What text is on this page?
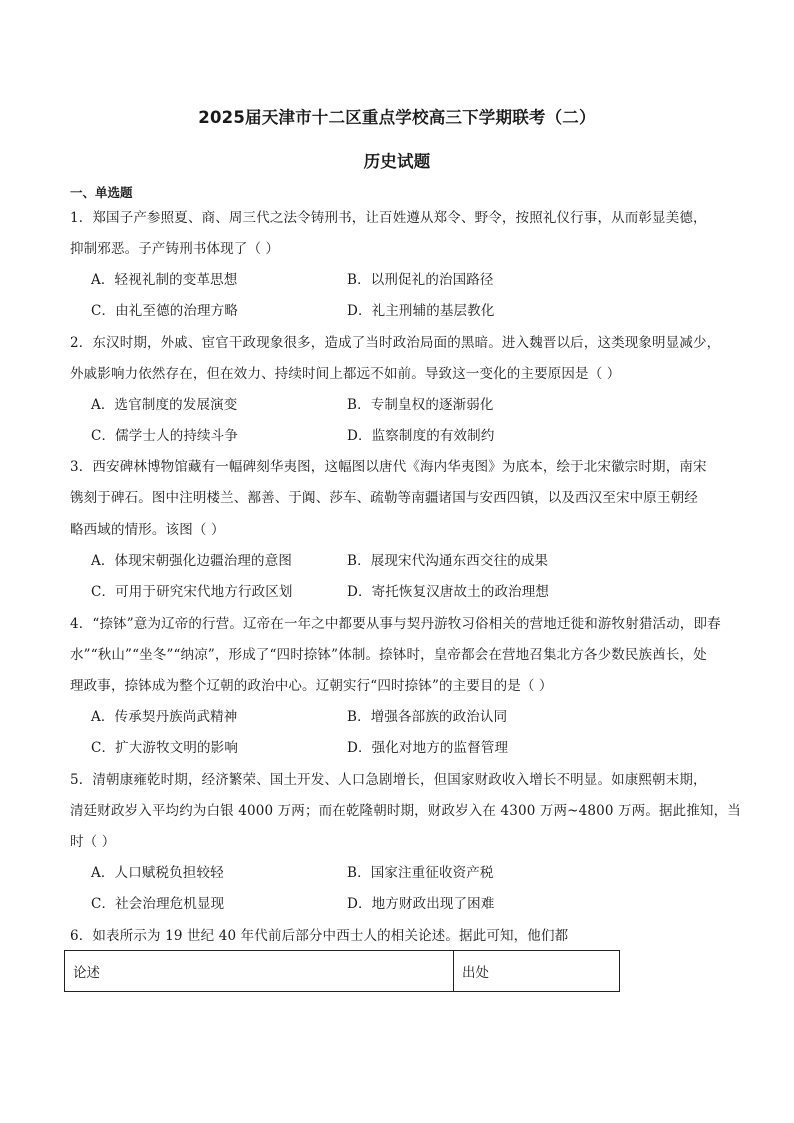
2025届天津市十二区重点学校高三下学期联考（二）
历史试题
一、单选题
1．郑国子产参照夏、商、周三代之法令铸刑书，让百姓遵从郑令、野令，按照礼仪行事，从而彰显美德，
抑制邪恶。子产铸刑书体现了（ ）
A．轻视礼制的变革思想	B．以刑促礼的治国路径
C．由礼至德的治理方略	D．礼主刑辅的基层教化
2．东汉时期，外戚、宦官干政现象很多，造成了当时政治局面的黑暗。进入魏晋以后，这类现象明显减少，
外戚影响力依然存在，但在效力、持续时间上都远不如前。导致这一变化的主要原因是（ ）
A．选官制度的发展演变	B．专制皇权的逐渐弱化
C．儒学士人的持续斗争	D．监察制度的有效制约
3．西安碑林博物馆藏有一幅碑刻华夷图，这幅图以唐代《海内华夷图》为底本，绘于北宋徽宗时期，南宋
镌刻于碑石。图中注明楼兰、鄯善、于阗、莎车、疏勒等南疆诸国与安西四镇，以及西汉至宋中原王朝经
略西域的情形。该图（ ）
A．体现宋朝强化边疆治理的意图	B．展现宋代沟通东西交往的成果
C．可用于研究宋代地方行政区划	D．寄托恢复汉唐故土的政治理想
4．“捺钵”意为辽帝的行营。辽帝在一年之中都要从事与契丹游牧习俗相关的营地迁徙和游牧射猎活动，即春
水”“秋山”“坐冬”“纳凉”，形成了“四时捺钵”体制。捺钵时，皇帝都会在营地召集北方各少数民族酋长，处
理政事，捺钵成为整个辽朝的政治中心。辽朝实行“四时捺钵”的主要目的是（ ）
A．传承契丹族尚武精神	B．增强各部族的政治认同
C．扩大游牧文明的影响	D．强化对地方的监督管理
5．清朝康雍乾时期，经济繁荣、国土开发、人口急剧增长，但国家财政收入增长不明显。如康熙朝末期，
清廷财政岁入平均约为白银 4000 万两；而在乾隆朝时期，财政岁入在 4300 万两~4800 万两。据此推知，当
时（ ）
A．人口赋税负担较轻	B．国家注重征收资产税
C．社会治理危机显现	D．地方财政出现了困难
6．如表所示为 19 世纪 40 年代前后部分中西士人的相关论述。据此可知，他们都
论述	出处
